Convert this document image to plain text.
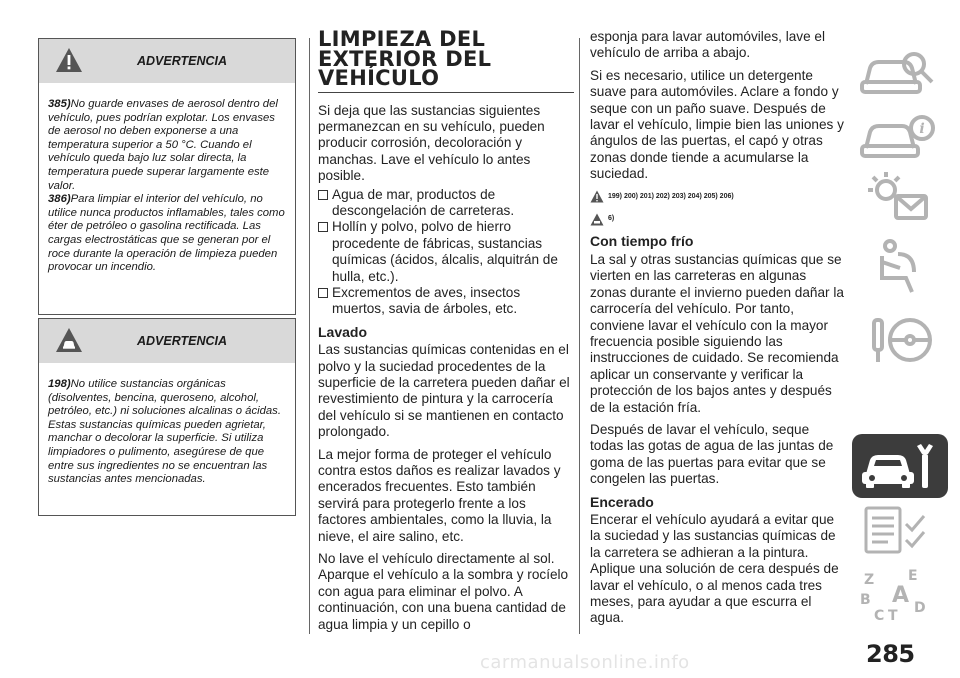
ADVERTENCIA

385)No guarde envases de aerosol dentro del vehículo, pues podrían explotar. Los envases de aerosol no deben exponerse a una temperatura superior a 50 °C. Cuando el vehículo queda bajo luz solar directa, la temperatura puede superar largamente este valor.

386)Para limpiar el interior del vehículo, no utilice nunca productos inflamables, tales como éter de petróleo o gasolina rectificada. Las cargas electrostáticas que se generan por el roce durante la operación de limpieza pueden provocar un incendio.

ADVERTENCIA

198)No utilice sustancias orgánicas (disolventes, bencina, queroseno, alcohol, petróleo, etc.) ni soluciones alcalinas o ácidas. Estas sustancias químicas pueden agrietar, manchar o decolorar la superficie. Si utiliza limpiadores o pulimento, asegúrese de que entre sus ingredientes no se encuentran las sustancias antes mencionadas.

LIMPIEZA DEL
EXTERIOR DEL
VEHÍCULO
Si deja que las sustancias siguientes permanezcan en su vehículo, pueden producir corrosión, decoloración y manchas. Lave el vehículo lo antes posible.
Agua de mar, productos de descongelación de carreteras.
Hollín y polvo, polvo de hierro procedente de fábricas, sustancias químicas (ácidos, álcalis, alquitrán de hulla, etc.).
Excrementos de aves, insectos muertos, savia de árboles, etc.
Lavado
Las sustancias químicas contenidas en el polvo y la suciedad procedentes de la superficie de la carretera pueden dañar el revestimiento de pintura y la carrocería del vehículo si se mantienen en contacto prolongado.
La mejor forma de proteger el vehículo contra estos daños es realizar lavados y encerados frecuentes. Esto también servirá para protegerlo frente a los factores ambientales, como la lluvia, la nieve, el aire salino, etc.
No lave el vehículo directamente al sol. Aparque el vehículo a la sombra y rocíelo con agua para eliminar el polvo. A continuación, con una buena cantidad de agua limpia y un cepillo o
esponja para lavar automóviles, lave el vehículo de arriba a abajo.
Si es necesario, utilice un detergente suave para automóviles. Aclare a fondo y seque con un paño suave. Después de lavar el vehículo, limpie bien las uniones y ángulos de las puertas, el capó y otras zonas donde tiende a acumularse la suciedad.
199) 200) 201) 202) 203) 204) 205) 206)
6)
Con tiempo frío
La sal y otras sustancias químicas que se vierten en las carreteras en algunas zonas durante el invierno pueden dañar la carrocería del vehículo. Por tanto, conviene lavar el vehículo con la mayor frecuencia posible siguiendo las instrucciones de cuidado. Se recomienda aplicar un conservante y verificar la protección de los bajos antes y después de la estación fría.
Después de lavar el vehículo, seque todas las gotas de agua de las juntas de goma de las puertas para evitar que se congelen las puertas.
Encerado
Encerar el vehículo ayudará a evitar que la suciedad y las sustancias químicas de la carretera se adhieran a la pintura. Aplique una solución de cera después de lavar el vehículo, o al menos cada tres meses, para ayudar a que escurra el agua.
i
Z E
B A
C T D
285
carmanualsonline.info
